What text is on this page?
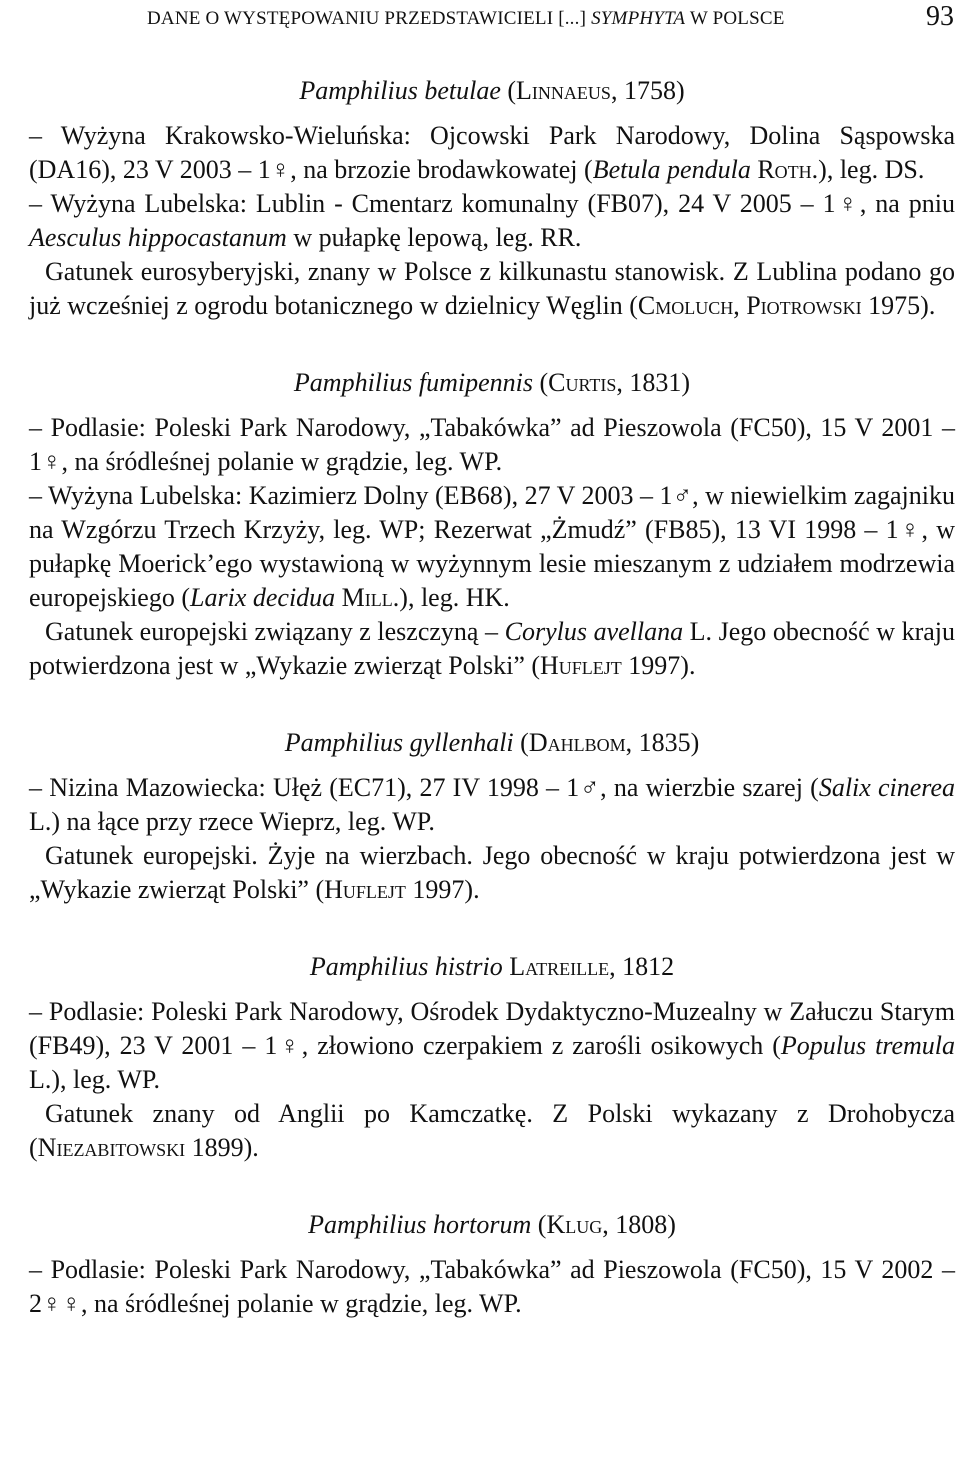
DANE O WYSTĘPOWANIU PRZEDSTAWICIELI [...] SYMPHYTA W POLSCE	93

Pamphilius betulae (Linnaeus, 1758)

– Wyżyna Krakowsko-Wieluńska: Ojcowski Park Narodowy, Dolina Sąspowska (DA16), 23 V 2003 – 1♀, na brzozie brodawkowatej (Betula pendula Roth.), leg. DS.

– Wyżyna Lubelska: Lublin - Cmentarz komunalny (FB07), 24 V 2005 – 1♀, na pniu Aesculus hippocastanum w pułapkę lepową, leg. RR.

Gatunek eurosyberyjski, znany w Polsce z kilkunastu stanowisk. Z Lublina podano go już wcześniej z ogrodu botanicznego w dzielnicy Węglin (Cmoluch, Piotrowski 1975).

Pamphilius fumipennis (Curtis, 1831)

– Podlasie: Poleski Park Narodowy, „Tabakówka” ad Pieszowola (FC50), 15 V 2001 – 1♀, na śródleśnej polanie w grądzie, leg. WP.

– Wyżyna Lubelska: Kazimierz Dolny (EB68), 27 V 2003 – 1♂, w niewielkim zagajniku na Wzgórzu Trzech Krzyży, leg. WP; Rezerwat „Żmudź” (FB85), 13 VI 1998 – 1♀, w pułapkę Moerick’ego wystawioną w wyżynnym lesie mieszanym z udziałem modrzewia europejskiego (Larix decidua Mill.), leg. HK.

Gatunek europejski związany z leszczyną – Corylus avellana L. Jego obecność w kraju potwierdzona jest w „Wykazie zwierząt Polski” (Huflejt 1997).

Pamphilius gyllenhali (Dahlbom, 1835)

– Nizina Mazowiecka: Ułęż (EC71), 27 IV 1998 – 1♂, na wierzbie szarej (Salix cinerea L.) na łące przy rzece Wieprz, leg. WP.

Gatunek europejski. Żyje na wierzbach. Jego obecność w kraju potwierdzona jest w „Wykazie zwierząt Polski” (Huflejt 1997).

Pamphilius histrio Latreille, 1812

– Podlasie: Poleski Park Narodowy, Ośrodek Dydaktyczno-Muzealny w Załuczu Starym (FB49), 23 V 2001 – 1♀, złowiono czerpakiem z zarośli osikowych (Populus tremula L.), leg. WP.

Gatunek znany od Anglii po Kamczatkę. Z Polski wykazany z Drohobycza (Niezabitowski 1899).

Pamphilius hortorum (Klug, 1808)

– Podlasie: Poleski Park Narodowy, „Tabakówka” ad Pieszowola (FC50), 15 V 2002 – 2♀♀, na śródleśnej polanie w grądzie, leg. WP.
